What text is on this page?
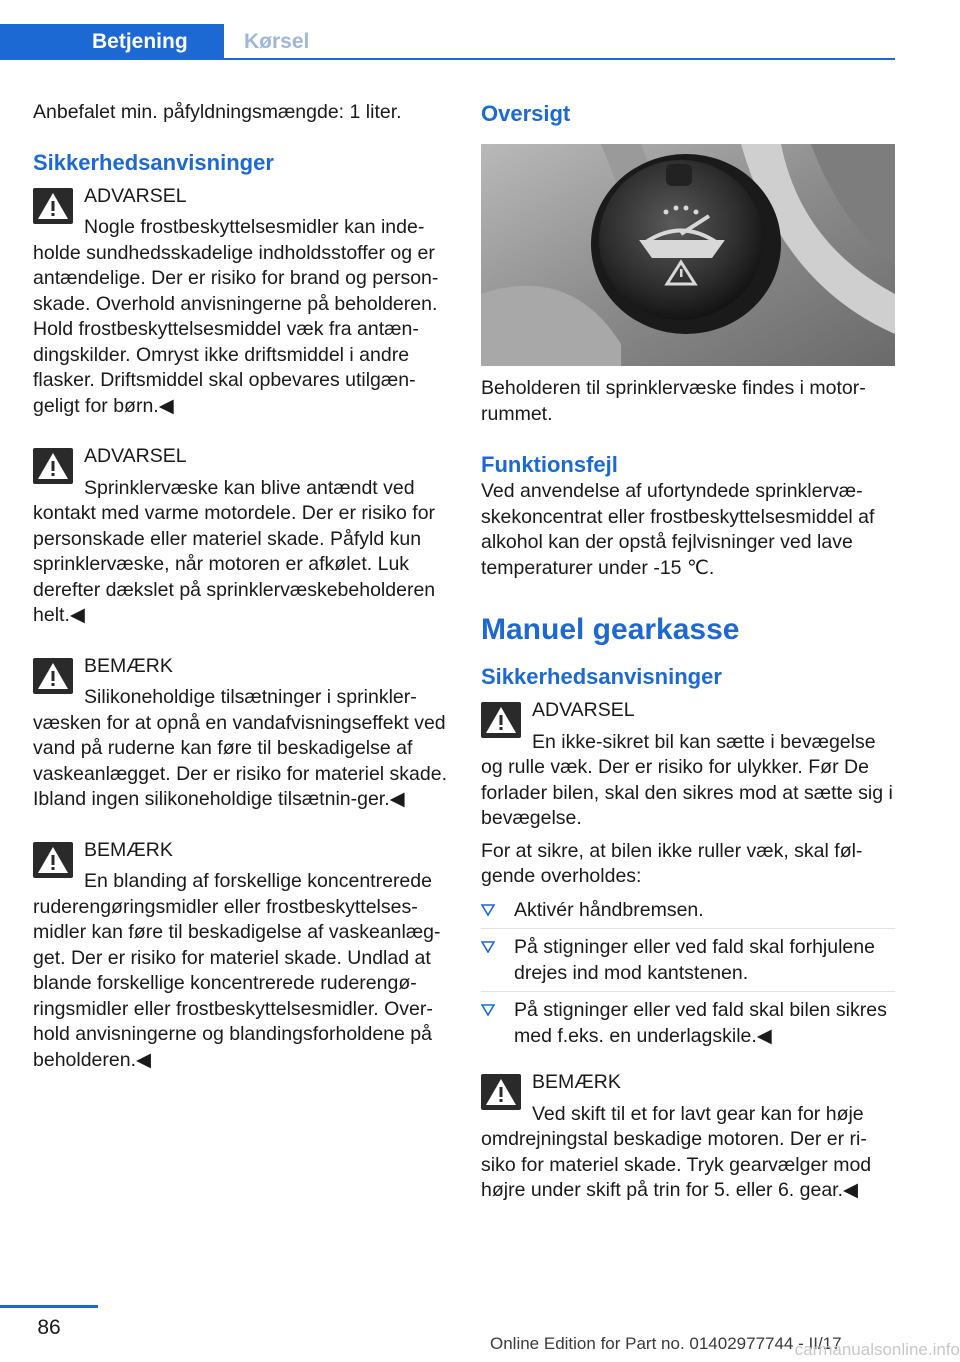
Betjening	Kørsel

Anbefalet min. påfyldningsmængde: 1 liter.

Sikkerhedsanvisninger
ADVARSEL
Nogle frostbeskyttelsesmidler kan inde-

holde sundhedsskadelige indholdsstoffer og er antændelige. Der er risiko for brand og person-skade. Overhold anvisningerne på beholderen. Hold frostbeskyttelsesmiddel væk fra antæn-dingskilder. Omryst ikke driftsmiddel i andre flasker. Driftsmiddel skal opbevares utilgæn-geligt for børn.◀

ADVARSEL
Sprinklervæske kan blive antændt ved

kontakt med varme motordele. Der er risiko for personskade eller materiel skade. Påfyld kun sprinklervæske, når motoren er afkølet. Luk derefter dækslet på sprinklervæskebeholderen helt.◀

BEMÆRK
Silikoneholdige tilsætninger i sprinkler-

væsken for at opnå en vandafvisningseffekt ved vand på ruderne kan føre til beskadigelse af vaskeanlægget. Der er risiko for materiel skade. Ibland ingen silikoneholdige tilsætnin-ger.◀

BEMÆRK
En blanding af forskellige koncentrerede

ruderengøringsmidler eller frostbeskyttelses-midler kan føre til beskadigelse af vaskeanlæg-get. Der er risiko for materiel skade. Undlad at blande forskellige koncentrerede ruderengø-ringsmidler eller frostbeskyttelsesmidler. Over-hold anvisningerne og blandingsforholdene på beholderen.◀

Oversigt

Beholderen til sprinklervæske findes i motor-rummet.

Funktionsfejl

Ved anvendelse af ufortyndede sprinklervæ-skekoncentrat eller frostbeskyttelsesmiddel af alkohol kan der opstå fejlvisninger ved lave temperaturer under -15 ℃.

Manuel gearkasse
Sikkerhedsanvisninger
ADVARSEL
En ikke-sikret bil kan sætte i bevægelse

og rulle væk. Der er risiko for ulykker. Før De forlader bilen, skal den sikres mod at sætte sig i bevægelse.

For at sikre, at bilen ikke ruller væk, skal føl-gende overholdes:

Aktivér håndbremsen.
På stigninger eller ved fald skal forhjulene drejes ind mod kantstenen.
På stigninger eller ved fald skal bilen sikres med f.eks. en underlagskile.◀
BEMÆRK
Ved skift til et for lavt gear kan for høje

omdrejningstal beskadige motoren. Der er ri-siko for materiel skade. Tryk gearvælger mod højre under skift på trin for 5. eller 6. gear.◀

86
Online Edition for Part no. 01402977744 - II/17
carmanualsonline.info
